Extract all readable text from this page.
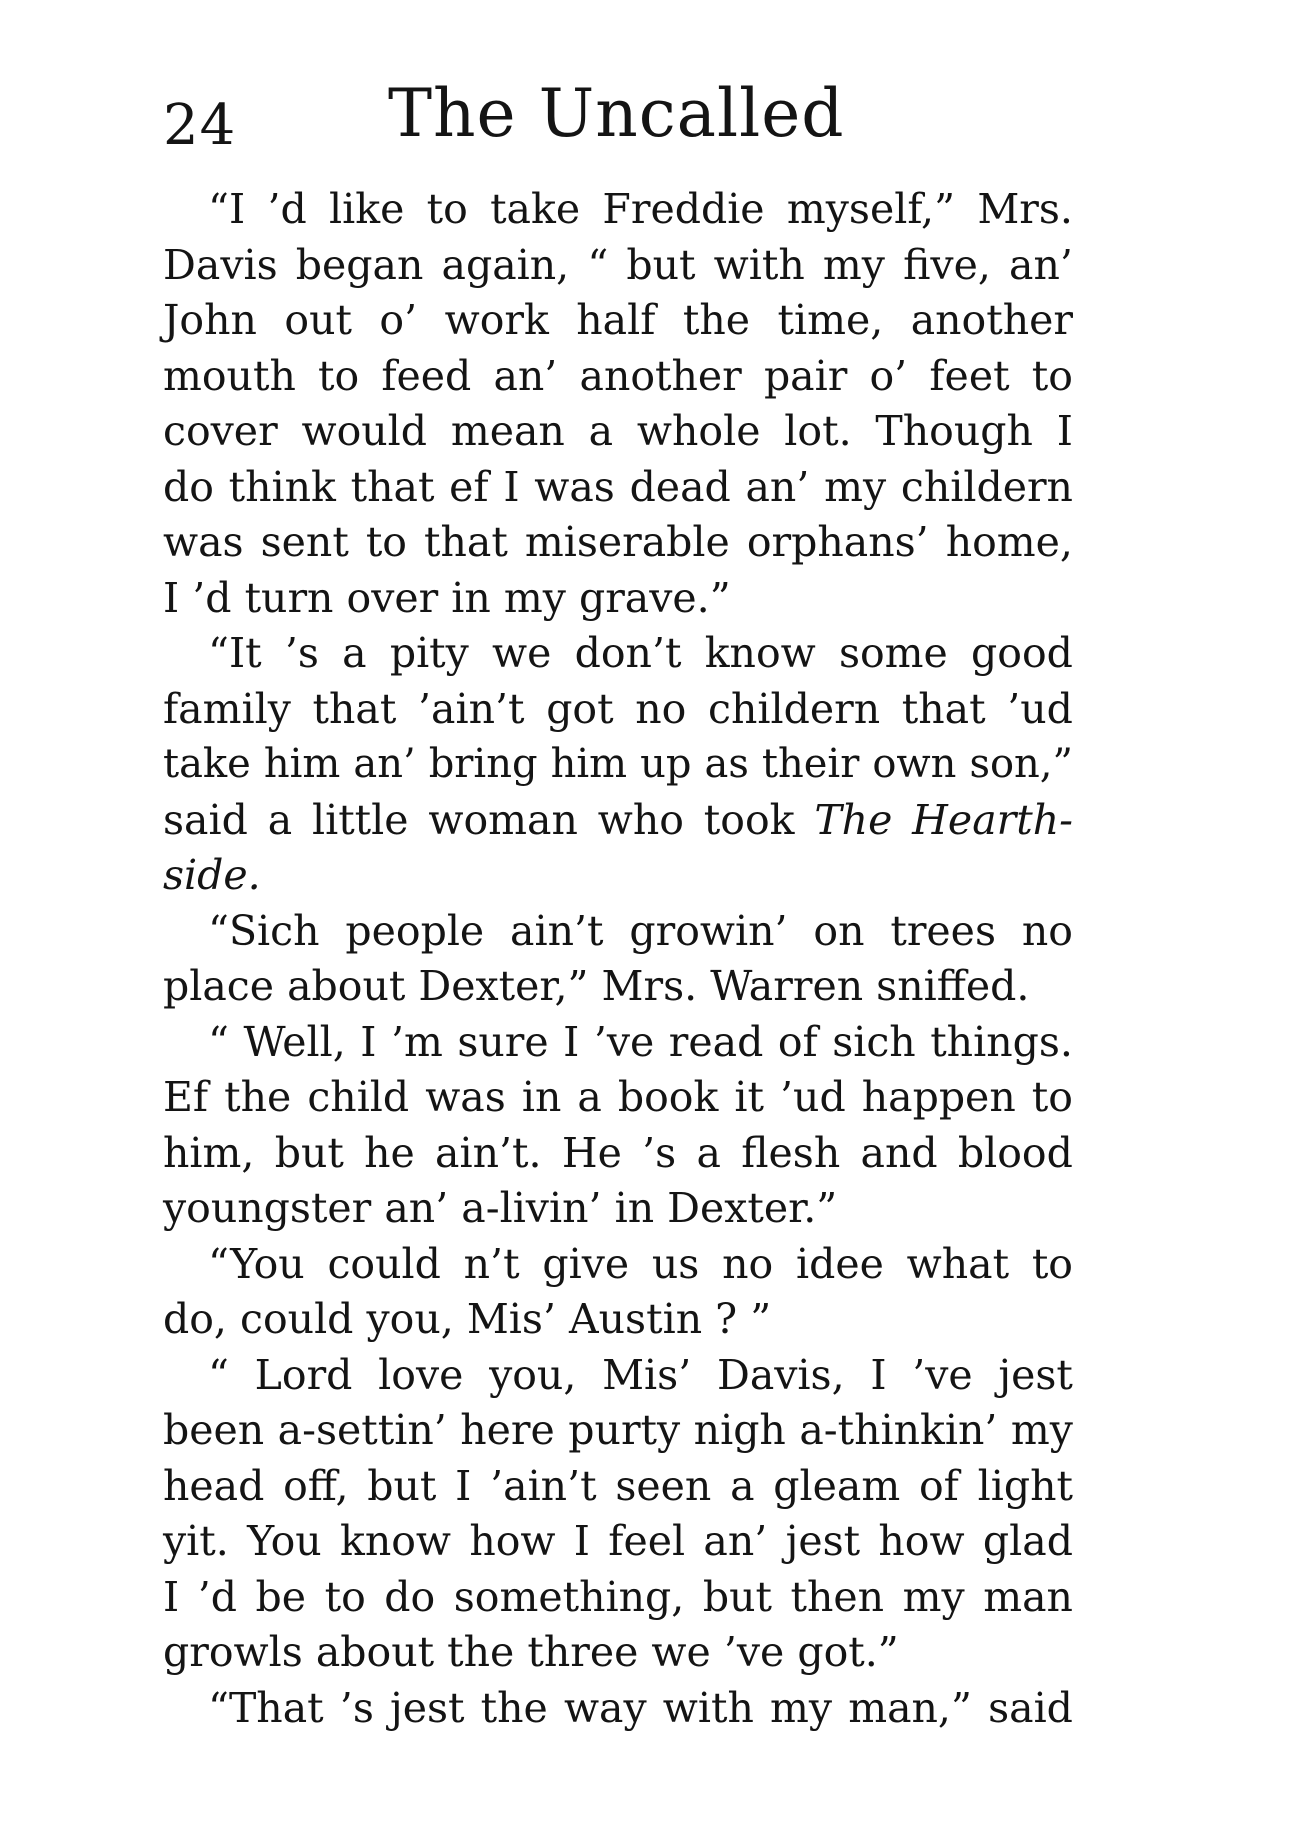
24 The Uncalled
“I ’d like to take Freddie myself,” Mrs.
Davis began again, “ but with my five, an’
John out o’ work half the time, another
mouth to feed an’ another pair o’ feet to
cover would mean a whole lot. Though I
do think that ef I was dead an’ my childern
was sent to that miserable orphans’ home,
I ’d turn over in my grave.”
“It ’s a pity we don’t know some good
family that ’ain’t got no childern that ’ud
take him an’ bring him up as their own son,”
said a little woman who took The Hearth-
side.
“Sich people ain’t growin’ on trees no
place about Dexter,” Mrs. Warren sniffed.
“ Well, I ’m sure I ’ve read of sich things.
Ef the child was in a book it ’ud happen to
him, but he ain’t. He ’s a flesh and blood
youngster an’ a-livin’ in Dexter.”
“You could n’t give us no idee what to
do, could you, Mis’ Austin ? ”
“ Lord love you, Mis’ Davis, I ’ve jest
been a-settin’ here purty nigh a-thinkin’ my
head off, but I ’ain’t seen a gleam of light
yit. You know how I feel an’ jest how glad
I ’d be to do something, but then my man
growls about the three we ’ve got.”
“That ’s jest the way with my man,” said
